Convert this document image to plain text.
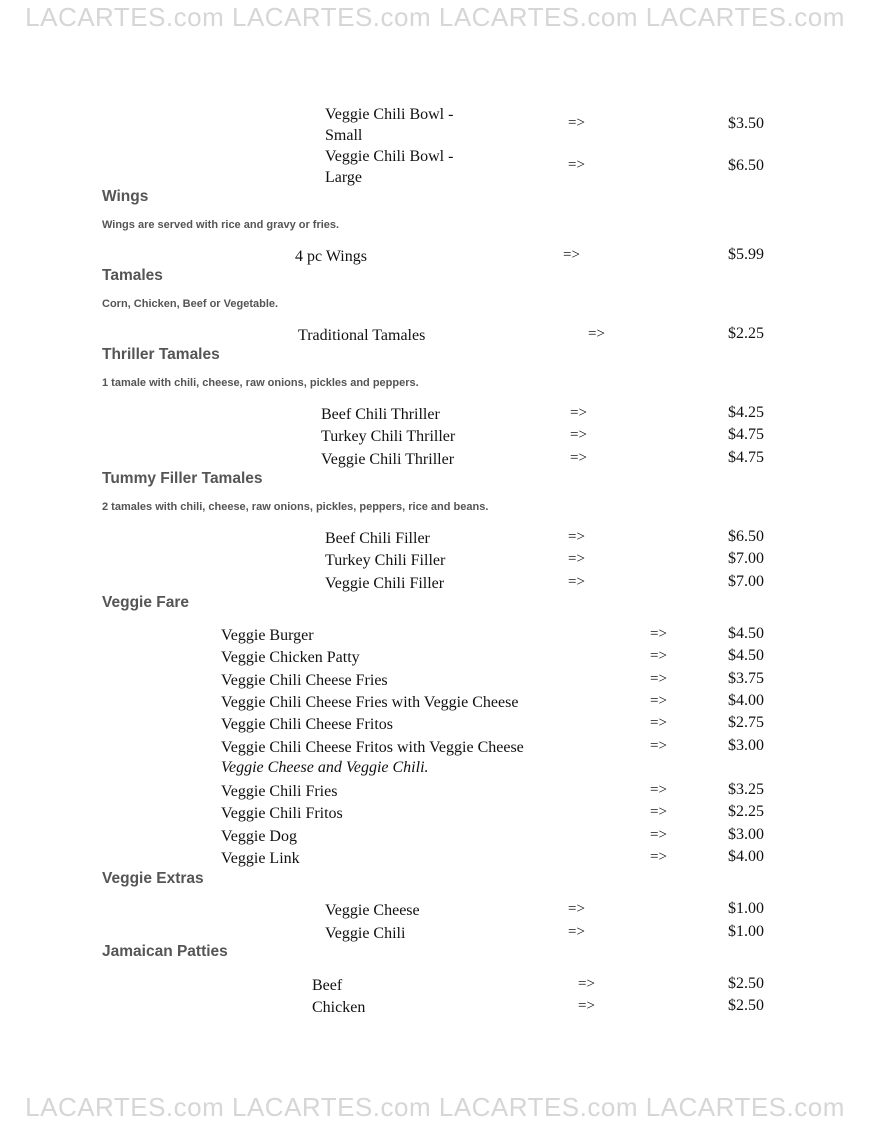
LACARTES.com LACARTES.com LACARTES.com LACARTES.com
Veggie Chili Bowl -
Small
=>	$3.50
Veggie Chili Bowl -
Large
=>	$6.50
Wings
Wings are served with rice and gravy or fries.
4 pc Wings	=>	$5.99
Tamales
Corn, Chicken, Beef or Vegetable.
Traditional Tamales	=>	$2.25
Thriller Tamales
1 tamale with chili, cheese, raw onions, pickles and peppers.
Beef Chili Thriller	=>	$4.25
Turkey Chili Thriller	=>	$4.75
Veggie Chili Thriller	=>	$4.75
Tummy Filler Tamales
2 tamales with chili, cheese, raw onions, pickles, peppers, rice and beans.
Beef Chili Filler	=>	$6.50
Turkey Chili Filler	=>	$7.00
Veggie Chili Filler	=>	$7.00
Veggie Fare
Veggie Burger	=>	$4.50
Veggie Chicken Patty	=>	$4.50
Veggie Chili Cheese Fries	=>	$3.75
Veggie Chili Cheese Fries with Veggie Cheese	=>	$4.00
Veggie Chili Cheese Fritos	=>	$2.75
Veggie Chili Cheese Fritos with Veggie Cheese	=>	$3.00
Veggie Cheese and Veggie Chili.
Veggie Chili Fries	=>	$3.25
Veggie Chili Fritos	=>	$2.25
Veggie Dog	=>	$3.00
Veggie Link	=>	$4.00
Veggie Extras
Veggie Cheese	=>	$1.00
Veggie Chili	=>	$1.00
Jamaican Patties
Beef	=>	$2.50
Chicken	=>	$2.50
LACARTES.com LACARTES.com LACARTES.com LACARTES.com
